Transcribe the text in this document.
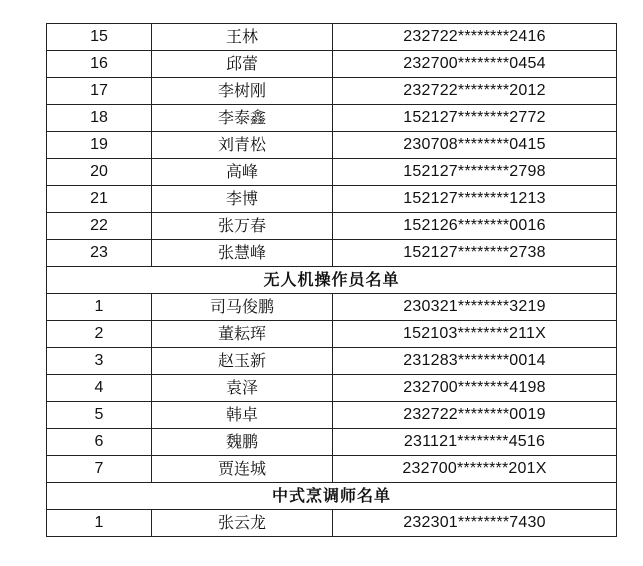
15	王林	232722********2416
16	邱蕾	232700********0454
17	李树刚	232722********2012
18	李泰鑫	152127********2772
19	刘青松	230708********0415
20	高峰	152127********2798
21	李博	152127********1213
22	张万春	152126********0016
23	张慧峰	152127********2738
无人机操作员名单		
1	司马俊鹏	230321********3219
2	董耘珲	152103********211X
3	赵玉新	231283********0014
4	袁泽	232700********4198
5	韩卓	232722********0019
6	魏鹏	231121********4516
7	贾连城	232700********201X
中式烹调师名单		
1	张云龙	232301********7430
